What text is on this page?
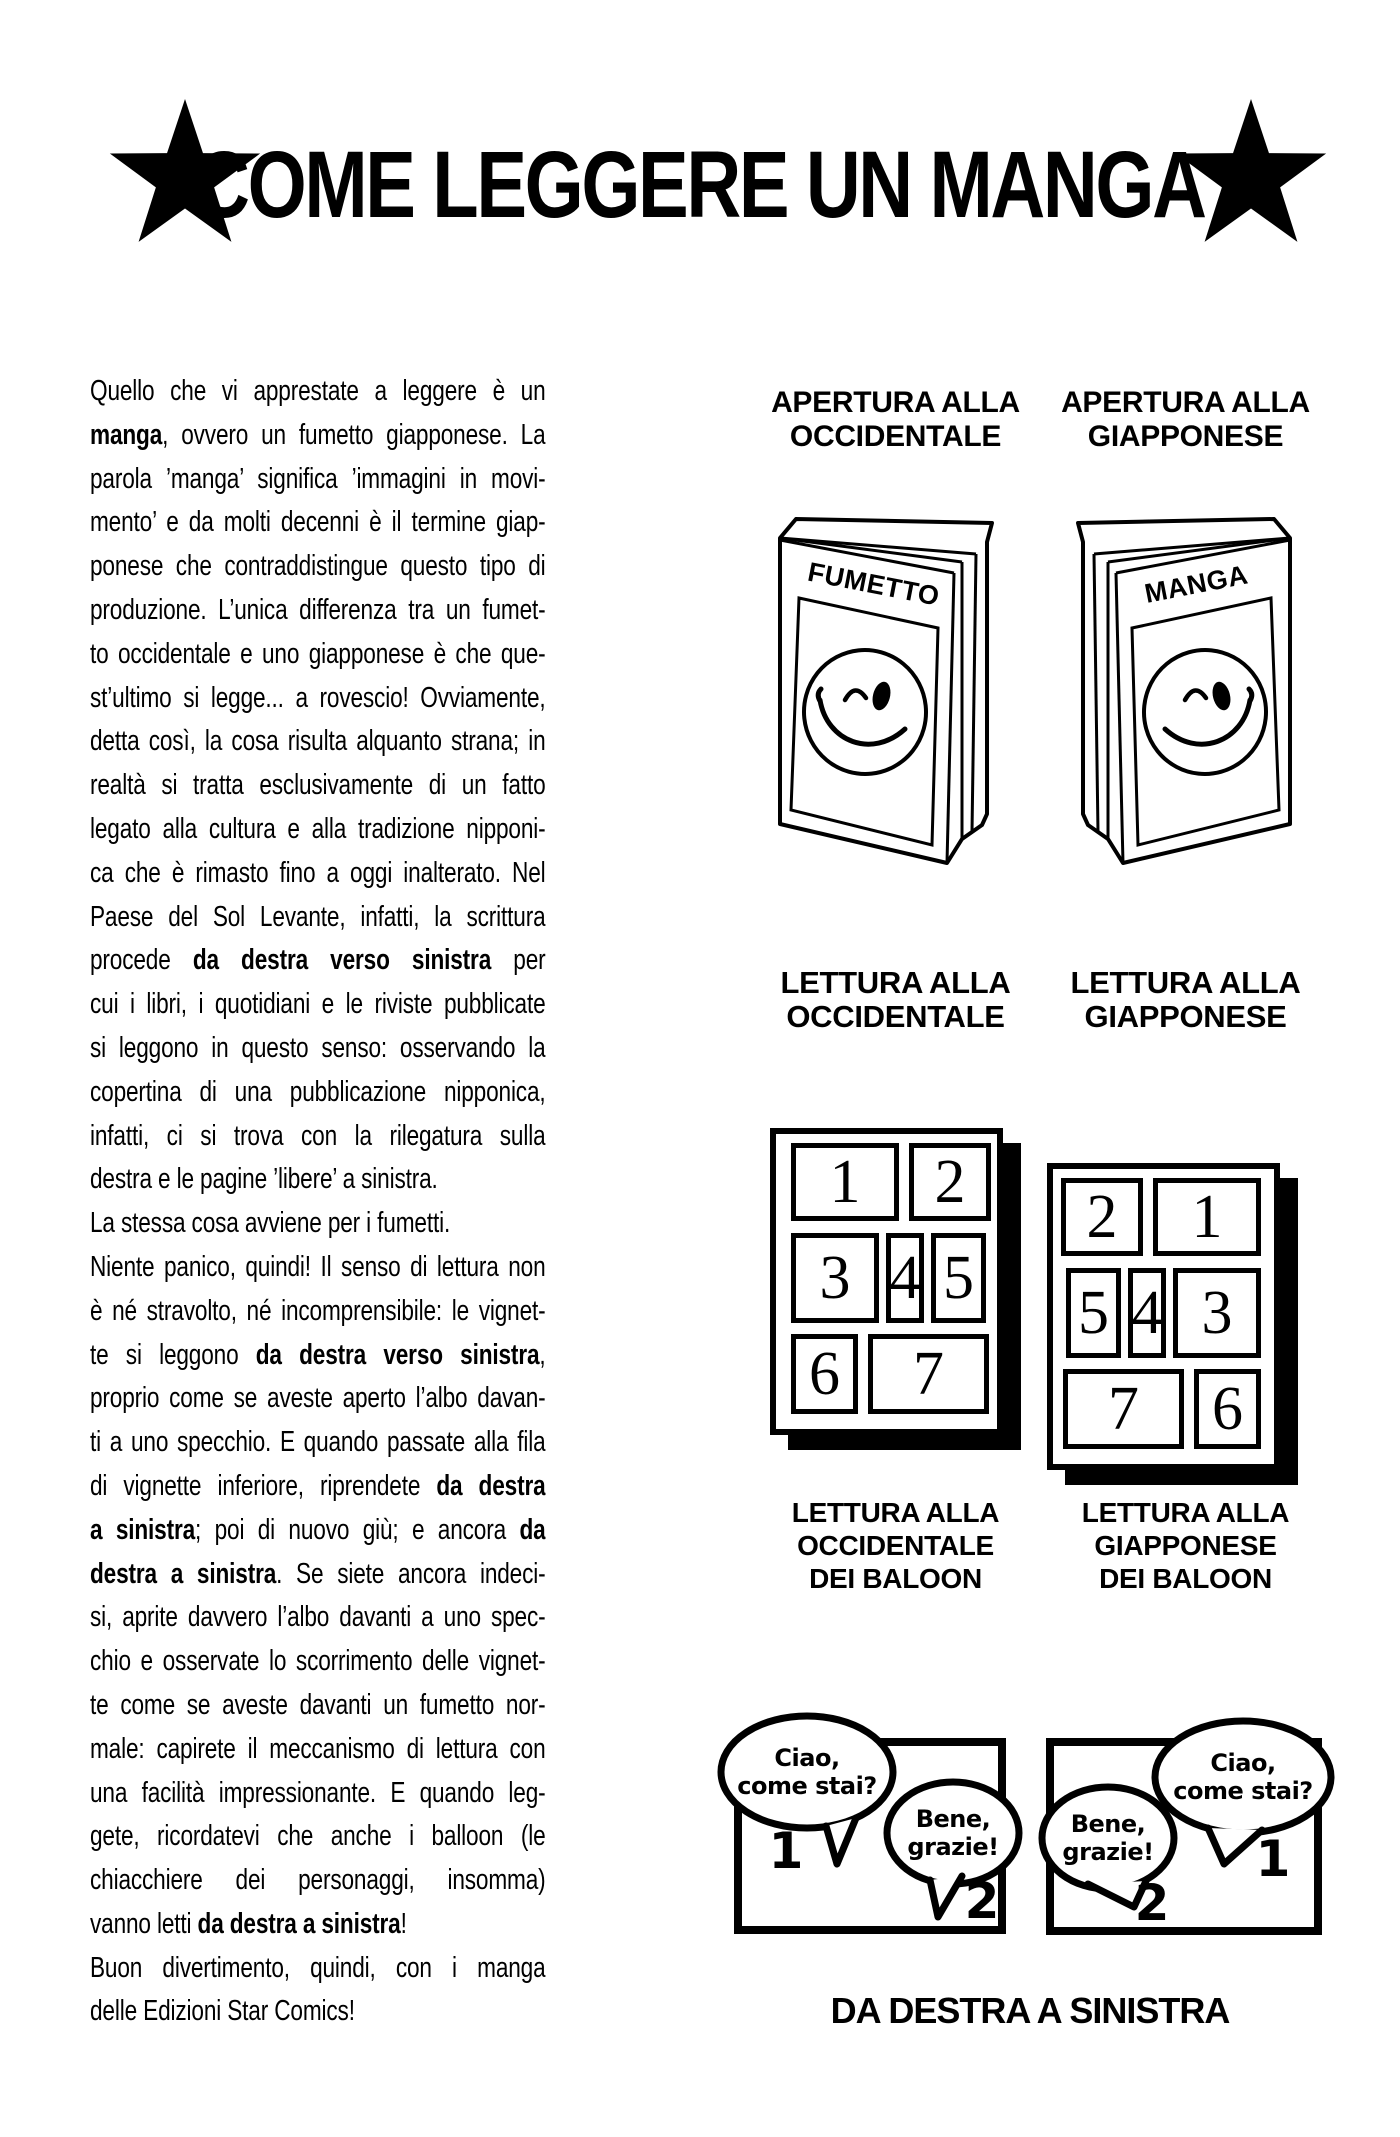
COME LEGGERE UN MANGA
Quello che vi apprestate a leggere è un
manga, ovvero un fumetto giapponese. La
parola ’manga’ significa ’immagini in movi-
mento’ e da molti decenni è il termine giap-
ponese che contraddistingue questo tipo di
produzione. L’unica differenza tra un fumet-
to occidentale e uno giapponese è che que-
st’ultimo si legge... a rovescio! Ovviamente,
detta così, la cosa risulta alquanto strana; in
realtà si tratta esclusivamente di un fatto
legato alla cultura e alla tradizione nipponi-
ca che è rimasto fino a oggi inalterato. Nel
Paese del Sol Levante, infatti, la scrittura
procede da destra verso sinistra per
cui i libri, i quotidiani e le riviste pubblicate
si leggono in questo senso: osservando la
copertina di una pubblicazione nipponica,
infatti, ci si trova con la rilegatura sulla
destra e le pagine ’libere’ a sinistra.
La stessa cosa avviene per i fumetti.
Niente panico, quindi! Il senso di lettura non
è né stravolto, né incomprensibile: le vignet-
te si leggono da destra verso sinistra,
proprio come se aveste aperto l’albo davan-
ti a uno specchio. E quando passate alla fila
di vignette inferiore, riprendete da destra
a sinistra; poi di nuovo giù; e ancora da
destra a sinistra. Se siete ancora indeci-
si, aprite davvero l’albo davanti a uno spec-
chio e osservate lo scorrimento delle vignet-
te come se aveste davanti un fumetto nor-
male: capirete il meccanismo di lettura con
una facilità impressionante. E quando leg-
gete, ricordatevi che anche i balloon (le
chiacchiere dei personaggi, insomma)
vanno letti da destra a sinistra!
Buon divertimento, quindi, con i manga
delle Edizioni Star Comics!
APERTURA ALLA
OCCIDENTALE
APERTURA ALLA
GIAPPONESE
FUMETTO	MANGA
LETTURA ALLA
OCCIDENTALE
LETTURA ALLA
GIAPPONESE
1	2
3 4 5
6	7
2	1
5 4 3
7	6
LETTURA ALLA
OCCIDENTALE
DEI BALOON
LETTURA ALLA
GIAPPONESE
DEI BALOON
Ciao,
come stai?
1
Bene,
grazie!
2
Bene,
grazie!
2
Ciao,
come stai?
1
DA DESTRA A SINISTRA
